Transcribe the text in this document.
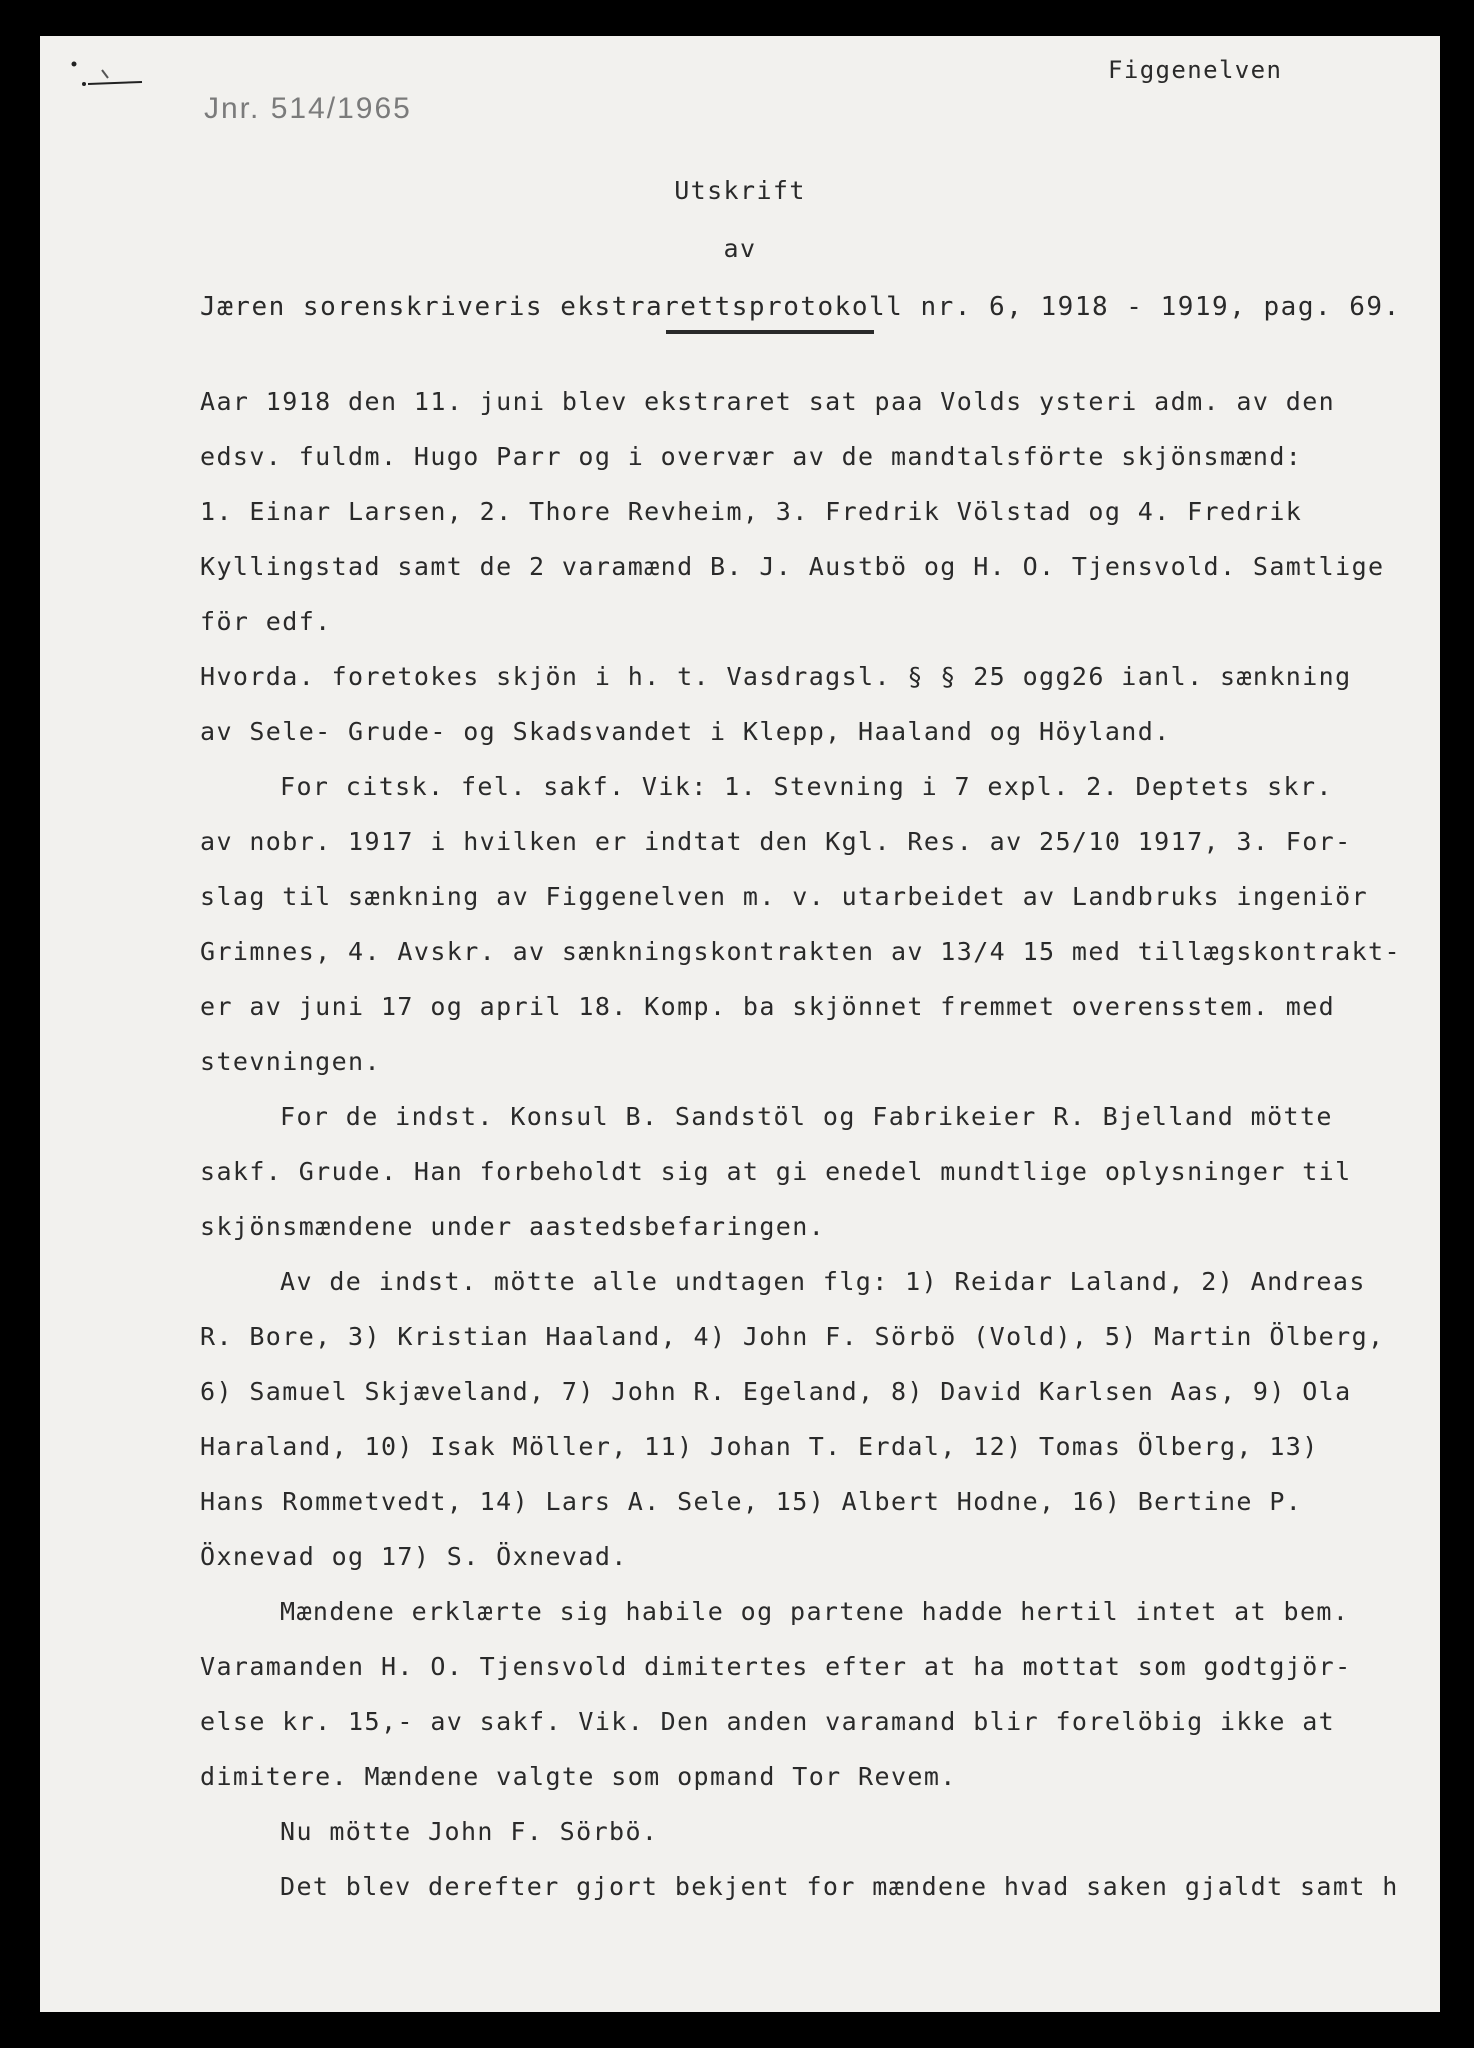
Jnr. 514/1965
Figgenelven
Utskrift
av
Jæren sorenskriveris ekstrarettsprotokoll nr. 6, 1918 - 1919, pag. 69.
Aar 1918 den 11. juni blev ekstraret sat paa Volds ysteri adm. av den
edsv. fuldm. Hugo Parr og i overvær av de mandtalsförte skjönsmænd:
1. Einar Larsen, 2. Thore Revheim, 3. Fredrik Völstad og 4. Fredrik
Kyllingstad samt de 2 varamænd B. J. Austbö og H. O. Tjensvold. Samtlige
för edf.
Hvorda. foretokes skjön i h. t. Vasdragsl. § § 25 ogg26 ianl. sænkning
av Sele- Grude- og Skadsvandet i Klepp, Haaland og Höyland.
For citsk. fel. sakf. Vik: 1. Stevning i 7 expl. 2. Deptets skr.
av nobr. 1917 i hvilken er indtat den Kgl. Res. av 25/10 1917, 3. For-
slag til sænkning av Figgenelven m. v. utarbeidet av Landbruks ingeniör
Grimnes, 4. Avskr. av sænkningskontrakten av 13/4 15 med tillægskontrakt-
er av juni 17 og april 18. Komp. ba skjönnet fremmet overensstem. med
stevningen.
For de indst. Konsul B. Sandstöl og Fabrikeier R. Bjelland mötte
sakf. Grude. Han forbeholdt sig at gi enedel mundtlige oplysninger til
skjönsmændene under aastedsbefaringen.
Av de indst. mötte alle undtagen flg: 1) Reidar Laland, 2) Andreas
R. Bore, 3) Kristian Haaland, 4) John F. Sörbö (Vold), 5) Martin Ölberg,
6) Samuel Skjæveland, 7) John R. Egeland, 8) David Karlsen Aas, 9) Ola
Haraland, 10) Isak Möller, 11) Johan T. Erdal, 12) Tomas Ölberg, 13)
Hans Rommetvedt, 14) Lars A. Sele, 15) Albert Hodne, 16) Bertine P.
Öxnevad og 17) S. Öxnevad.
Mændene erklærte sig habile og partene hadde hertil intet at bem.
Varamanden H. O. Tjensvold dimitertes efter at ha mottat som godtgjör-
else kr. 15,- av sakf. Vik. Den anden varamand blir forelöbig ikke at
dimitere. Mændene valgte som opmand Tor Revem.
Nu mötte John F. Sörbö.
Det blev derefter gjort bekjent for mændene hvad saken gjaldt samt h
